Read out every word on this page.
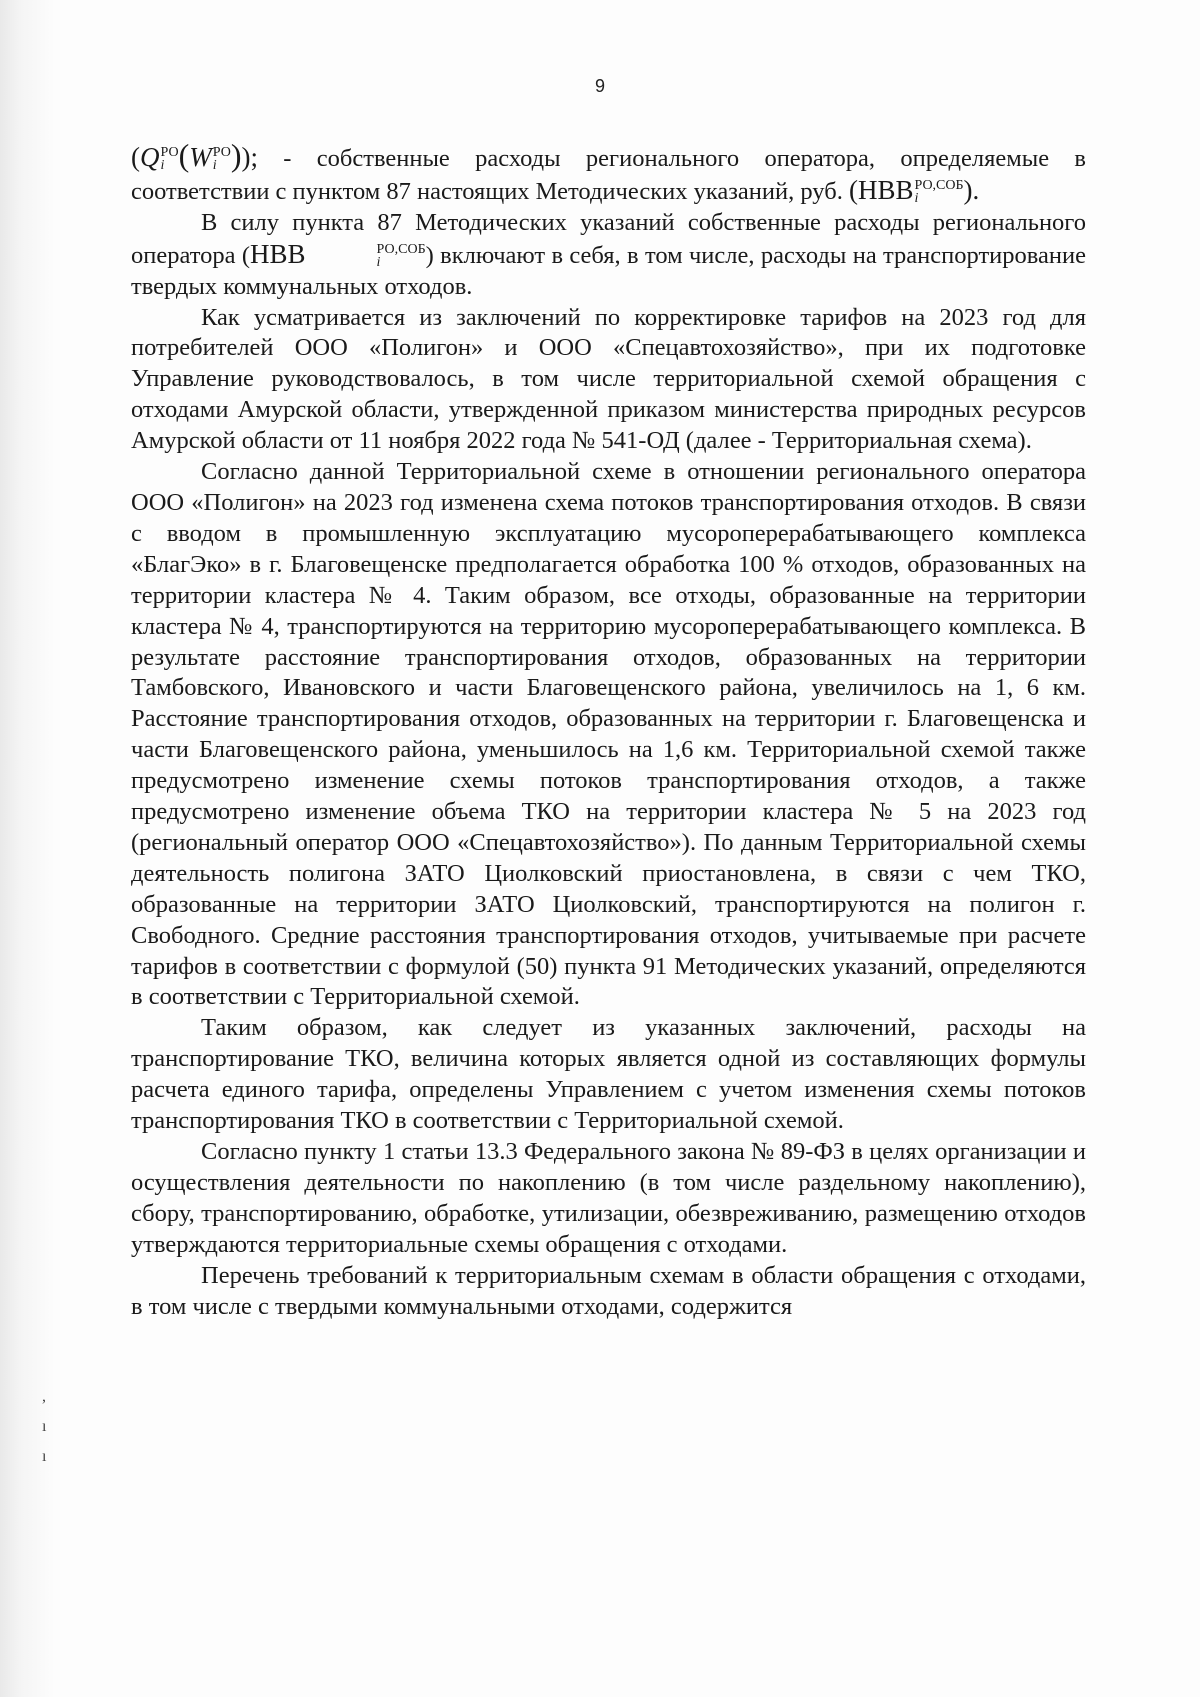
9

(Q РО
i (W РО
i )); - собственные расходы регионального оператора, определяемые в соответствии с пунктом 87 настоящих Методических указаний, руб. (НВВ РО,СОБ
i	).

В силу пункта 87 Методических указаний собственные расходы регионального оператора (НВВ	РО,СОБ
i	) включают в себя, в том числе, расходы на транспортирование твердых коммунальных отходов.

Как усматривается из заключений по корректировке тарифов на 2023 год для потребителей ООО «Полигон» и ООО «Спецавтохозяйство», при их подготовке Управление руководствовалось, в том числе территориальной схемой обращения с отходами Амурской области, утвержденной приказом министерства природных ресурсов Амурской области от 11 ноября 2022 года № 541-ОД (далее - Территориальная схема).

Согласно данной Территориальной схеме в отношении регионального оператора ООО «Полигон» на 2023 год изменена схема потоков транспортирования отходов. В связи с вводом в промышленную эксплуатацию мусороперерабатывающего комплекса «БлагЭко» в г. Благовещенске предполагается обработка 100 % отходов, образованных на территории кластера № 4. Таким образом, все отходы, образованные на территории кластера № 4, транспортируются на территорию мусороперерабатывающего комплекса. В результате расстояние транспортирования отходов, образованных на территории Тамбовского, Ивановского и части Благовещенского района, увеличилось на 1, 6 км. Расстояние транспортирования отходов, образованных на территории г. Благовещенска и части Благовещенского района, уменьшилось на 1,6 км. Территориальной схемой также предусмотрено изменение схемы потоков транспортирования отходов, а также предусмотрено изменение объема ТКО на территории кластера № 5 на 2023 год (региональный оператор ООО «Спецавтохозяйство»). По данным Территориальной схемы деятельность полигона ЗАТО Циолковский приостановлена, в связи с чем ТКО, образованные на территории ЗАТО Циолковский, транспортируются на полигон г. Свободного. Средние расстояния транспортирования отходов, учитываемые при расчете тарифов в соответствии с формулой (50) пункта 91 Методических указаний, определяются в соответствии с Территориальной схемой.

Таким образом, как следует из указанных заключений, расходы на транспортирование ТКО, величина которых является одной из составляющих формулы расчета единого тарифа, определены Управлением с учетом изменения схемы потоков транспортирования ТКО в соответствии с Территориальной схемой.

Согласно пункту 1 статьи 13.3 Федерального закона № 89-ФЗ в целях организации и осуществления деятельности по накоплению (в том числе раздельному накоплению), сбору, транспортированию, обработке, утилизации, обезвреживанию, размещению отходов утверждаются территориальные схемы обращения с отходами.

Перечень требований к территориальным схемам в области обращения с отходами, в том числе с твердыми коммунальными отходами, содержится

,
ı
ı
